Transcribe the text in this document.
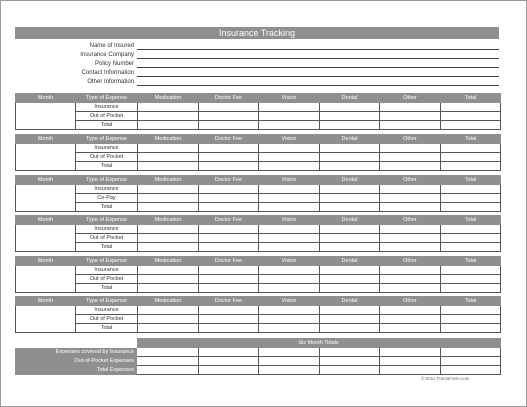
Insurance Tracking
Name of Insured
Insurance Company
Policy Number
Contact Information
Other Information
Month	Type of Expense	Medication	Doctor Fee	Vision	Dental	Other	Total
	Insurance						
	Out of Pocket						
	Total						
Month	Type of Expense	Medication	Doctor Fee	Vision	Dental	Other	Total
	Insurance						
	Out of Pocket						
	Total						
Month	Type of Expense	Medication	Doctor Fee	Vision	Dental	Other	Total
	Insurance						
	Co-Pay						
	Total						
Month	Type of Expense	Medication	Doctor Fee	Vision	Dental	Other	Total
	Insurance						
	Out of Pocket						
	Total						
Month	Type of Expense	Medication	Doctor Fee	Vision	Dental	Other	Total
	Insurance						
	Out of Pocket						
	Total						
Month	Type of Expense	Medication	Doctor Fee	Vision	Dental	Other	Total
	Insurance						
	Out of Pocket						
	Total						
	Six Month Totals					
Expenses covered by Insurance						
Out-of-Pocket Expenses						
Total Expenses						
© 2011 FormsForm.com
